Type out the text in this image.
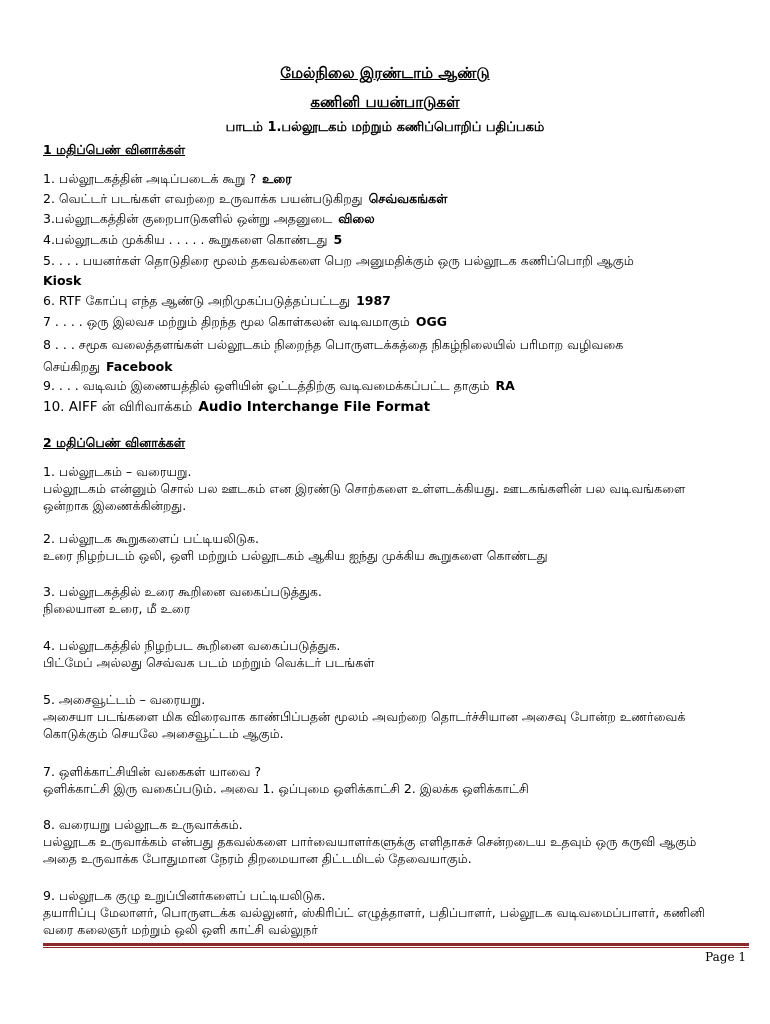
மேல்நிலை இரண்டாம் ஆண்டு
கணினி பயன்பாடுகள்
பாடம் 1.பல்லூடகம் மற்றும் கணிப்பொறிப் பதிப்பகம்
1 மதிப்பெண் வினாக்கள்
1. பல்லூடகத்தின் அடிப்படைக் கூறு ? உரை
2. வெட்டர் படங்கள் எவற்றை உருவாக்க பயன்படுகிறது செவ்வகங்கள்
3.பல்லூடகத்தின் குறைபாடுகளில் ஒன்று அதனுடை விலை
4.பல்லூடகம் முக்கிய . . . . . கூறுகளை கொண்டது 5
5. . . . பயனர்கள் தொடுதிரை மூலம் தகவல்களை பெற அனுமதிக்கும் ஒரு பல்லூடக கணிப்பொறி ஆகும்
Kiosk
6. RTF கோப்பு எந்த ஆண்டு அறிமுகப்படுத்தப்பட்டது 1987
7 . . . . ஒரு இலவச மற்றும் திறந்த மூல கொள்கலன் வடிவமாகும் OGG
8 . . . சமூக வலைத்தளங்கள் பல்லூடகம் நிறைந்த பொருளடக்கத்தை நிகழ்நிலையில் பரிமாற வழிவகை செய்கிறது Facebook
9. . . . வடிவம் இணையத்தில் ஒளியின் ஓட்டத்திற்கு வடிவமைக்கப்பட்ட தாகும் RA
10. AIFF ன் விரிவாக்கம் Audio Interchange File Format
2 மதிப்பெண் வினாக்கள்
1. பல்லூடகம் – வரையறு.
பல்லூடகம் என்னும் சொல் பல ஊடகம் என இரண்டு சொற்களை உள்ளடக்கியது. ஊடகங்களின் பல வடிவங்களை ஒன்றாக இணைக்கின்றது.
2. பல்லூடக கூறுகளைப் பட்டியலிடுக.
உரை நிழற்படம் ஒலி, ஒளி மற்றும் பல்லூடகம் ஆகிய ஐந்து முக்கிய கூறுகளை கொண்டது
3. பல்லூடகத்தில் உரை கூறினை வகைப்படுத்துக.
நிலையான உரை, மீ உரை
4. பல்லூடகத்தில் நிழற்பட கூறினை வகைப்படுத்துக.
பிட்மேப் அல்லது செவ்வக படம் மற்றும் வெக்டர் படங்கள்
5. அசைவூட்டம் – வரையறு.
அசையா படங்களை மிக விரைவாக காண்பிப்பதன் மூலம் அவற்றை தொடர்ச்சியான அசைவு போன்ற உணர்வைக் கொடுக்கும் செயலே அசைவூட்டம் ஆகும்.
7. ஒளிக்காட்சியின் வகைகள் யாவை ?
ஒளிக்காட்சி இரு வகைப்படும். அவை 1. ஒப்புமை ஒளிக்காட்சி 2. இலக்க ஒளிக்காட்சி
8. வரையறு பல்லூடக உருவாக்கம்.
பல்லூடக உருவாக்கம் என்பது தகவல்களை பார்வையாளர்களுக்கு எளிதாகச் சென்றடைய உதவும் ஒரு கருவி ஆகும் அதை உருவாக்க போதுமான நேரம் திறமையான திட்டமிடல் தேவையாகும்.
9. பல்லூடக குழு உறுப்பினர்களைப் பட்டியலிடுக.
தயாரிப்பு மேலாளர், பொருளடக்க வல்லுனர், ஸ்கிரிப்ட் எழுத்தாளர், பதிப்பாளர், பல்லூடக வடிவமைப்பாளர், கணினி வரை கலைஞர் மற்றும் ஒலி ஒளி காட்சி வல்லுநர்
Page 1
